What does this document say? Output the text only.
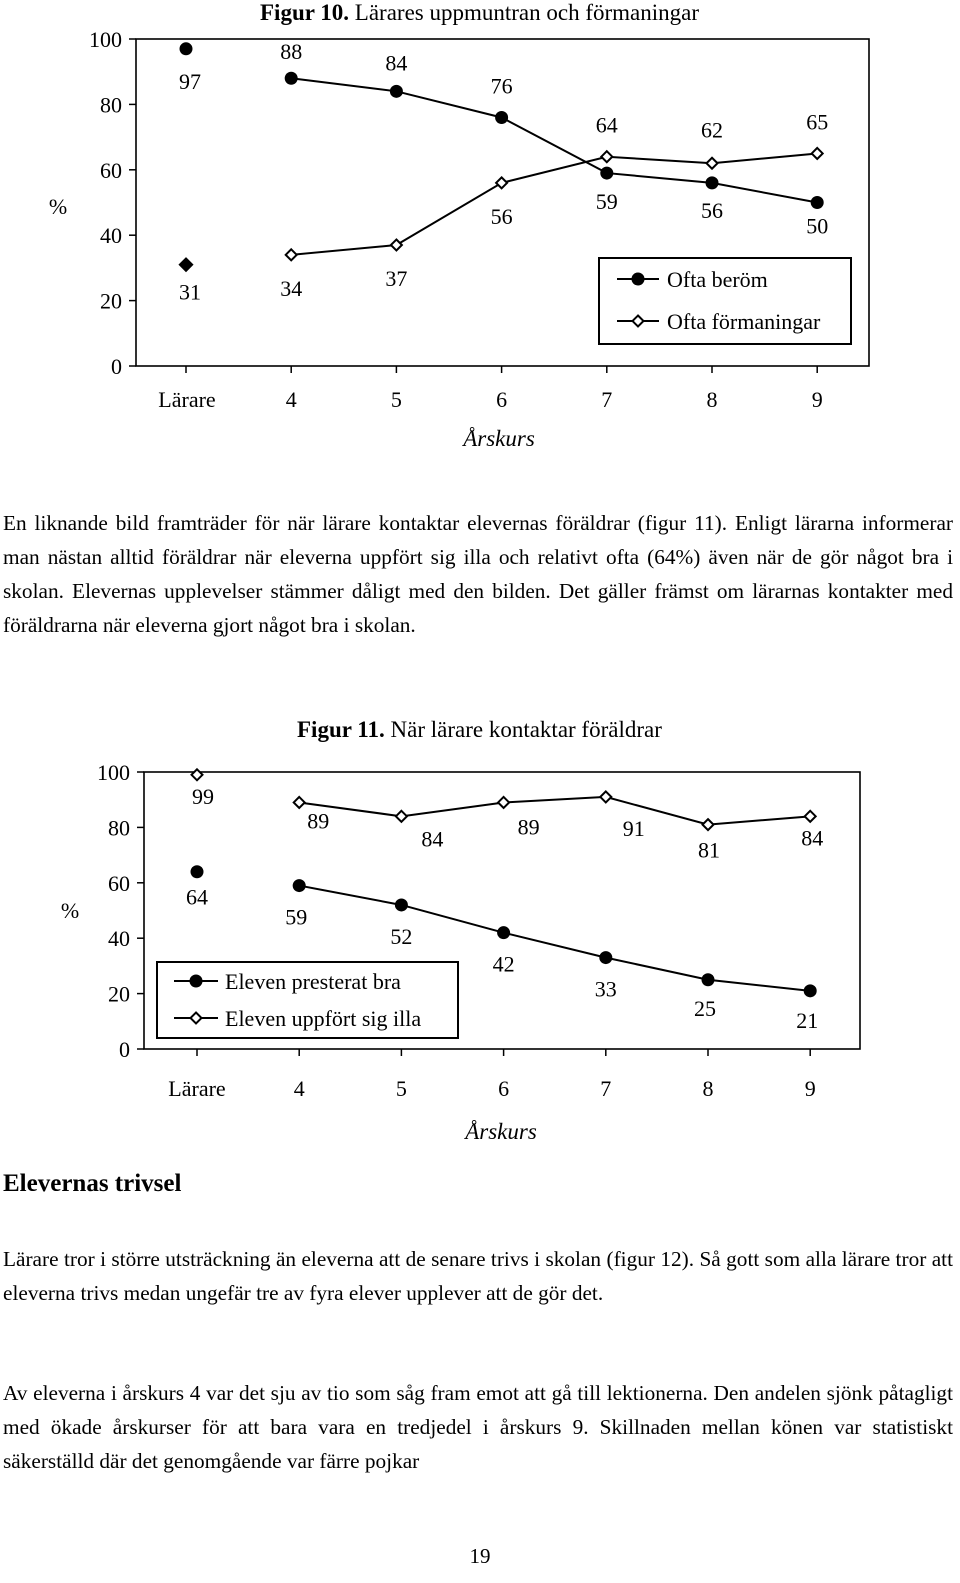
Figur 10. Lärares uppmuntran och förmaningar
%
Årskurs
0
20
40
60
80
100
Lärare	4	5	6	7	8	9
97
88	84
76
59	56
50
31	34	37
56
64	62	65
Ofta beröm
Ofta förmaningar

En liknande bild framträder för när lärare kontaktar elevernas föräldrar (figur 11). Enligt lärarna informerar man nästan alltid föräldrar när eleverna uppfört sig illa och relativt ofta (64%) även när de gör något bra i skolan. Elevernas upplevelser stämmer dåligt med den bilden. Det gäller främst om lärarnas kontakter med föräldrarna när eleverna gjort något bra i skolan.

Figur 11. När lärare kontaktar föräldrar
%
Årskurs
0
20
40
60
80
100
Lärare	4	5	6	7	8	9
64
59
52
42
33
25	21
99
89
84	89	91
81	84
Eleven presterat bra
Eleven uppfört sig illa
Elevernas trivsel

Lärare tror i större utsträckning än eleverna att de senare trivs i skolan (figur 12). Så gott som alla lärare tror att eleverna trivs medan ungefär tre av fyra elever upplever att de gör det.

Av eleverna i årskurs 4 var det sju av tio som såg fram emot att gå till lektionerna. Den andelen sjönk påtagligt med ökade årskurser för att bara vara en tredjedel i årskurs 9. Skillnaden mellan könen var statistiskt säkerställd där det genomgående var färre pojkar

19
